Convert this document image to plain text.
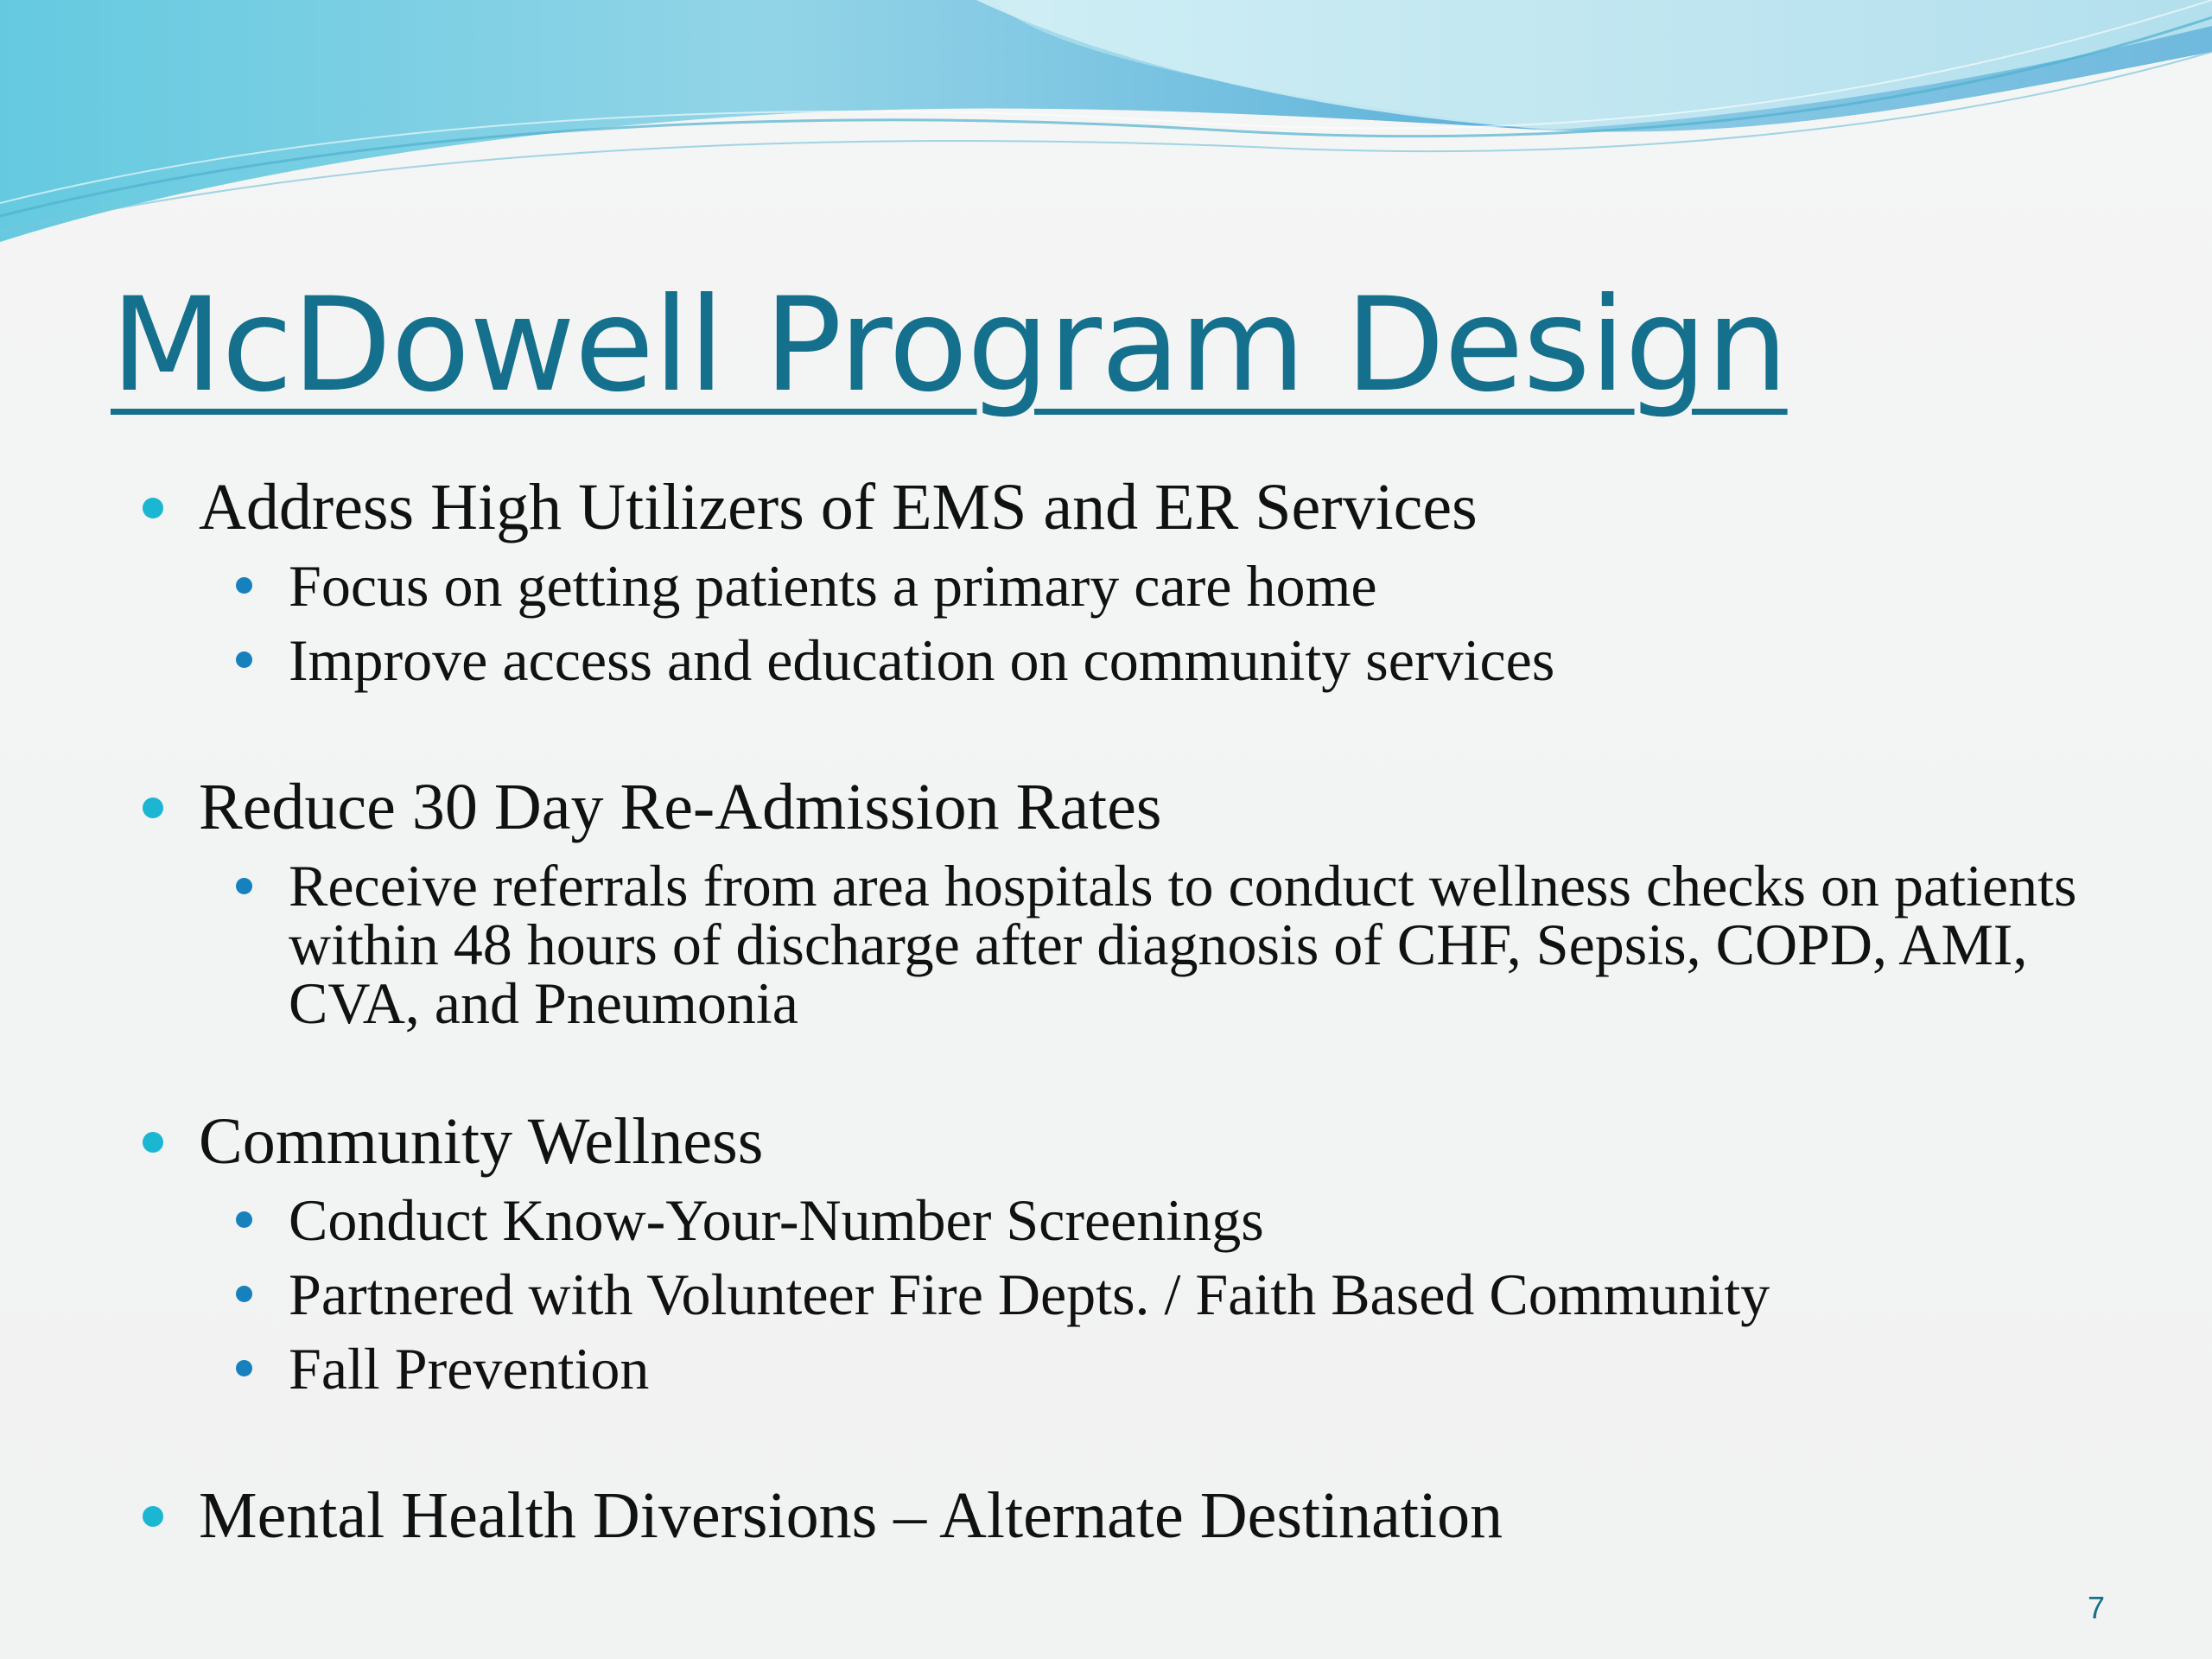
McDowell Program Design
Address High Utilizers of EMS and ER Services
Focus on getting patients a primary care home
Improve access and education on community services
Reduce 30 Day Re-Admission Rates
Receive referrals from area hospitals to conduct wellness checks on patients within 48 hours of discharge after diagnosis of CHF, Sepsis, COPD, AMI, CVA, and Pneumonia
Community Wellness
Conduct Know-Your-Number Screenings
Partnered with Volunteer Fire Depts. / Faith Based Community
Fall Prevention
Mental Health Diversions – Alternate Destination
7
